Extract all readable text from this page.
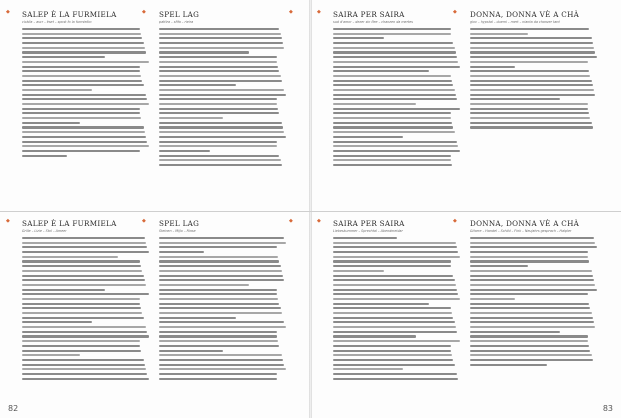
◆	◆	◆
SALEP È LA FURMIELA
cicàlia – ascr – èset – spost fo la furmielbo
SPEL LAG
pattira – sfifa – rieira
◆	◆	◆
SALEP È LA FURMIELA
Grille – Lizie – Stol – Ameer
SPEL LAG
Steinen – Mijlo – Rinse
82
◆	◆
SAIRA PER SAIRA
sud d'amor – dezer sin flee – chanzen da mertes
DONNA, DONNA VÈ A CHÀ
giov – hypstal – duemi – mert – nianta da chanzer tant
◆	◆
SAIRA PER SAIRA
Liebeskummer – Sprechtal – Abendmeidar
DONNA, DONNA VÈ A CHÀ
Gitarre – Handel – Schild – Fink – Neujahrs gesprach – Halpler
83
